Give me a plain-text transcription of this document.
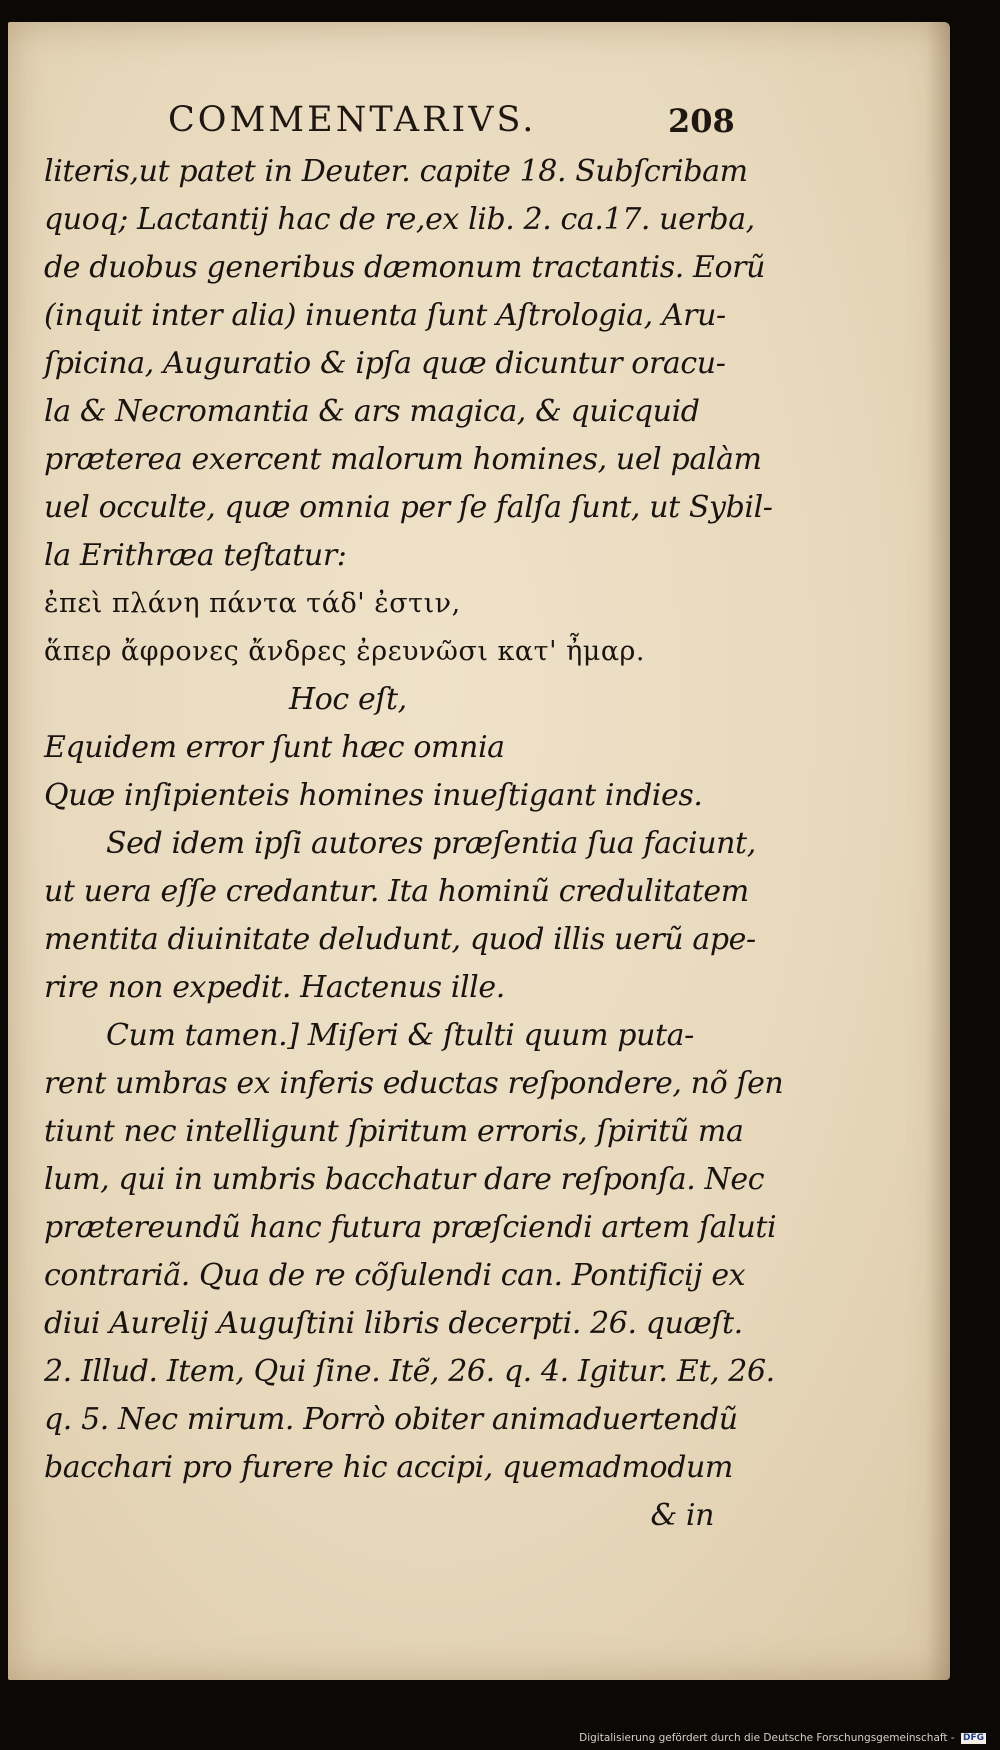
COMMENTARIVS.	208
literis,ut patet in Deuter. capite 18. Subſcribam
quoq; Lactantij hac de re,ex lib. 2. ca.17. uerba,
de duobus generibus dæmonum tractantis. Eorũ
(inquit inter alia) inuenta ſunt Aſtrologia, Aru-
ſpicina, Auguratio & ipſa quæ dicuntur oracu-
la & Necromantia & ars magica, & quicquid
præterea exercent malorum homines, uel palàm
uel occulte, quæ omnia per ſe falſa ſunt, ut Sybil-
la Erithræa teſtatur:
ἐπεὶ πλάνη πάντα τάδ' ἐστιν,
ἅπερ ἄφρονες ἄνδρες ἐρευνῶσι κατ' ἦμαρ.
Hoc eſt,
Equidem error ſunt hæc omnia
Quæ inſipienteis homines inueſtigant indies.
Sed idem ipſi autores præſentia ſua faciunt,
ut uera eſſe credantur. Ita hominũ credulitatem
mentita diuinitate deludunt, quod illis uerũ ape-
rire non expedit. Hactenus ille.
Cum tamen.] Miſeri & ſtulti quum puta-
rent umbras ex inferis eductas reſpondere, nõ ſen
tiunt nec intelligunt ſpiritum erroris, ſpiritũ ma
lum, qui in umbris bacchatur dare reſponſa. Nec
prætereundũ hanc futura præſciendi artem ſaluti
contrariã. Qua de re cõſulendi can. Pontificij ex
diui Aurelij Auguſtini libris decerpti. 26. quæſt.
2. Illud. Item, Qui ſine. Itẽ, 26. q. 4. Igitur. Et, 26.
q. 5. Nec mirum. Porrò obiter animaduertendũ
bacchari pro furere hic accipi, quemadmodum
& in
Digitalisierung gefördert durch die Deutsche Forschungsgemeinschaft - DFG
